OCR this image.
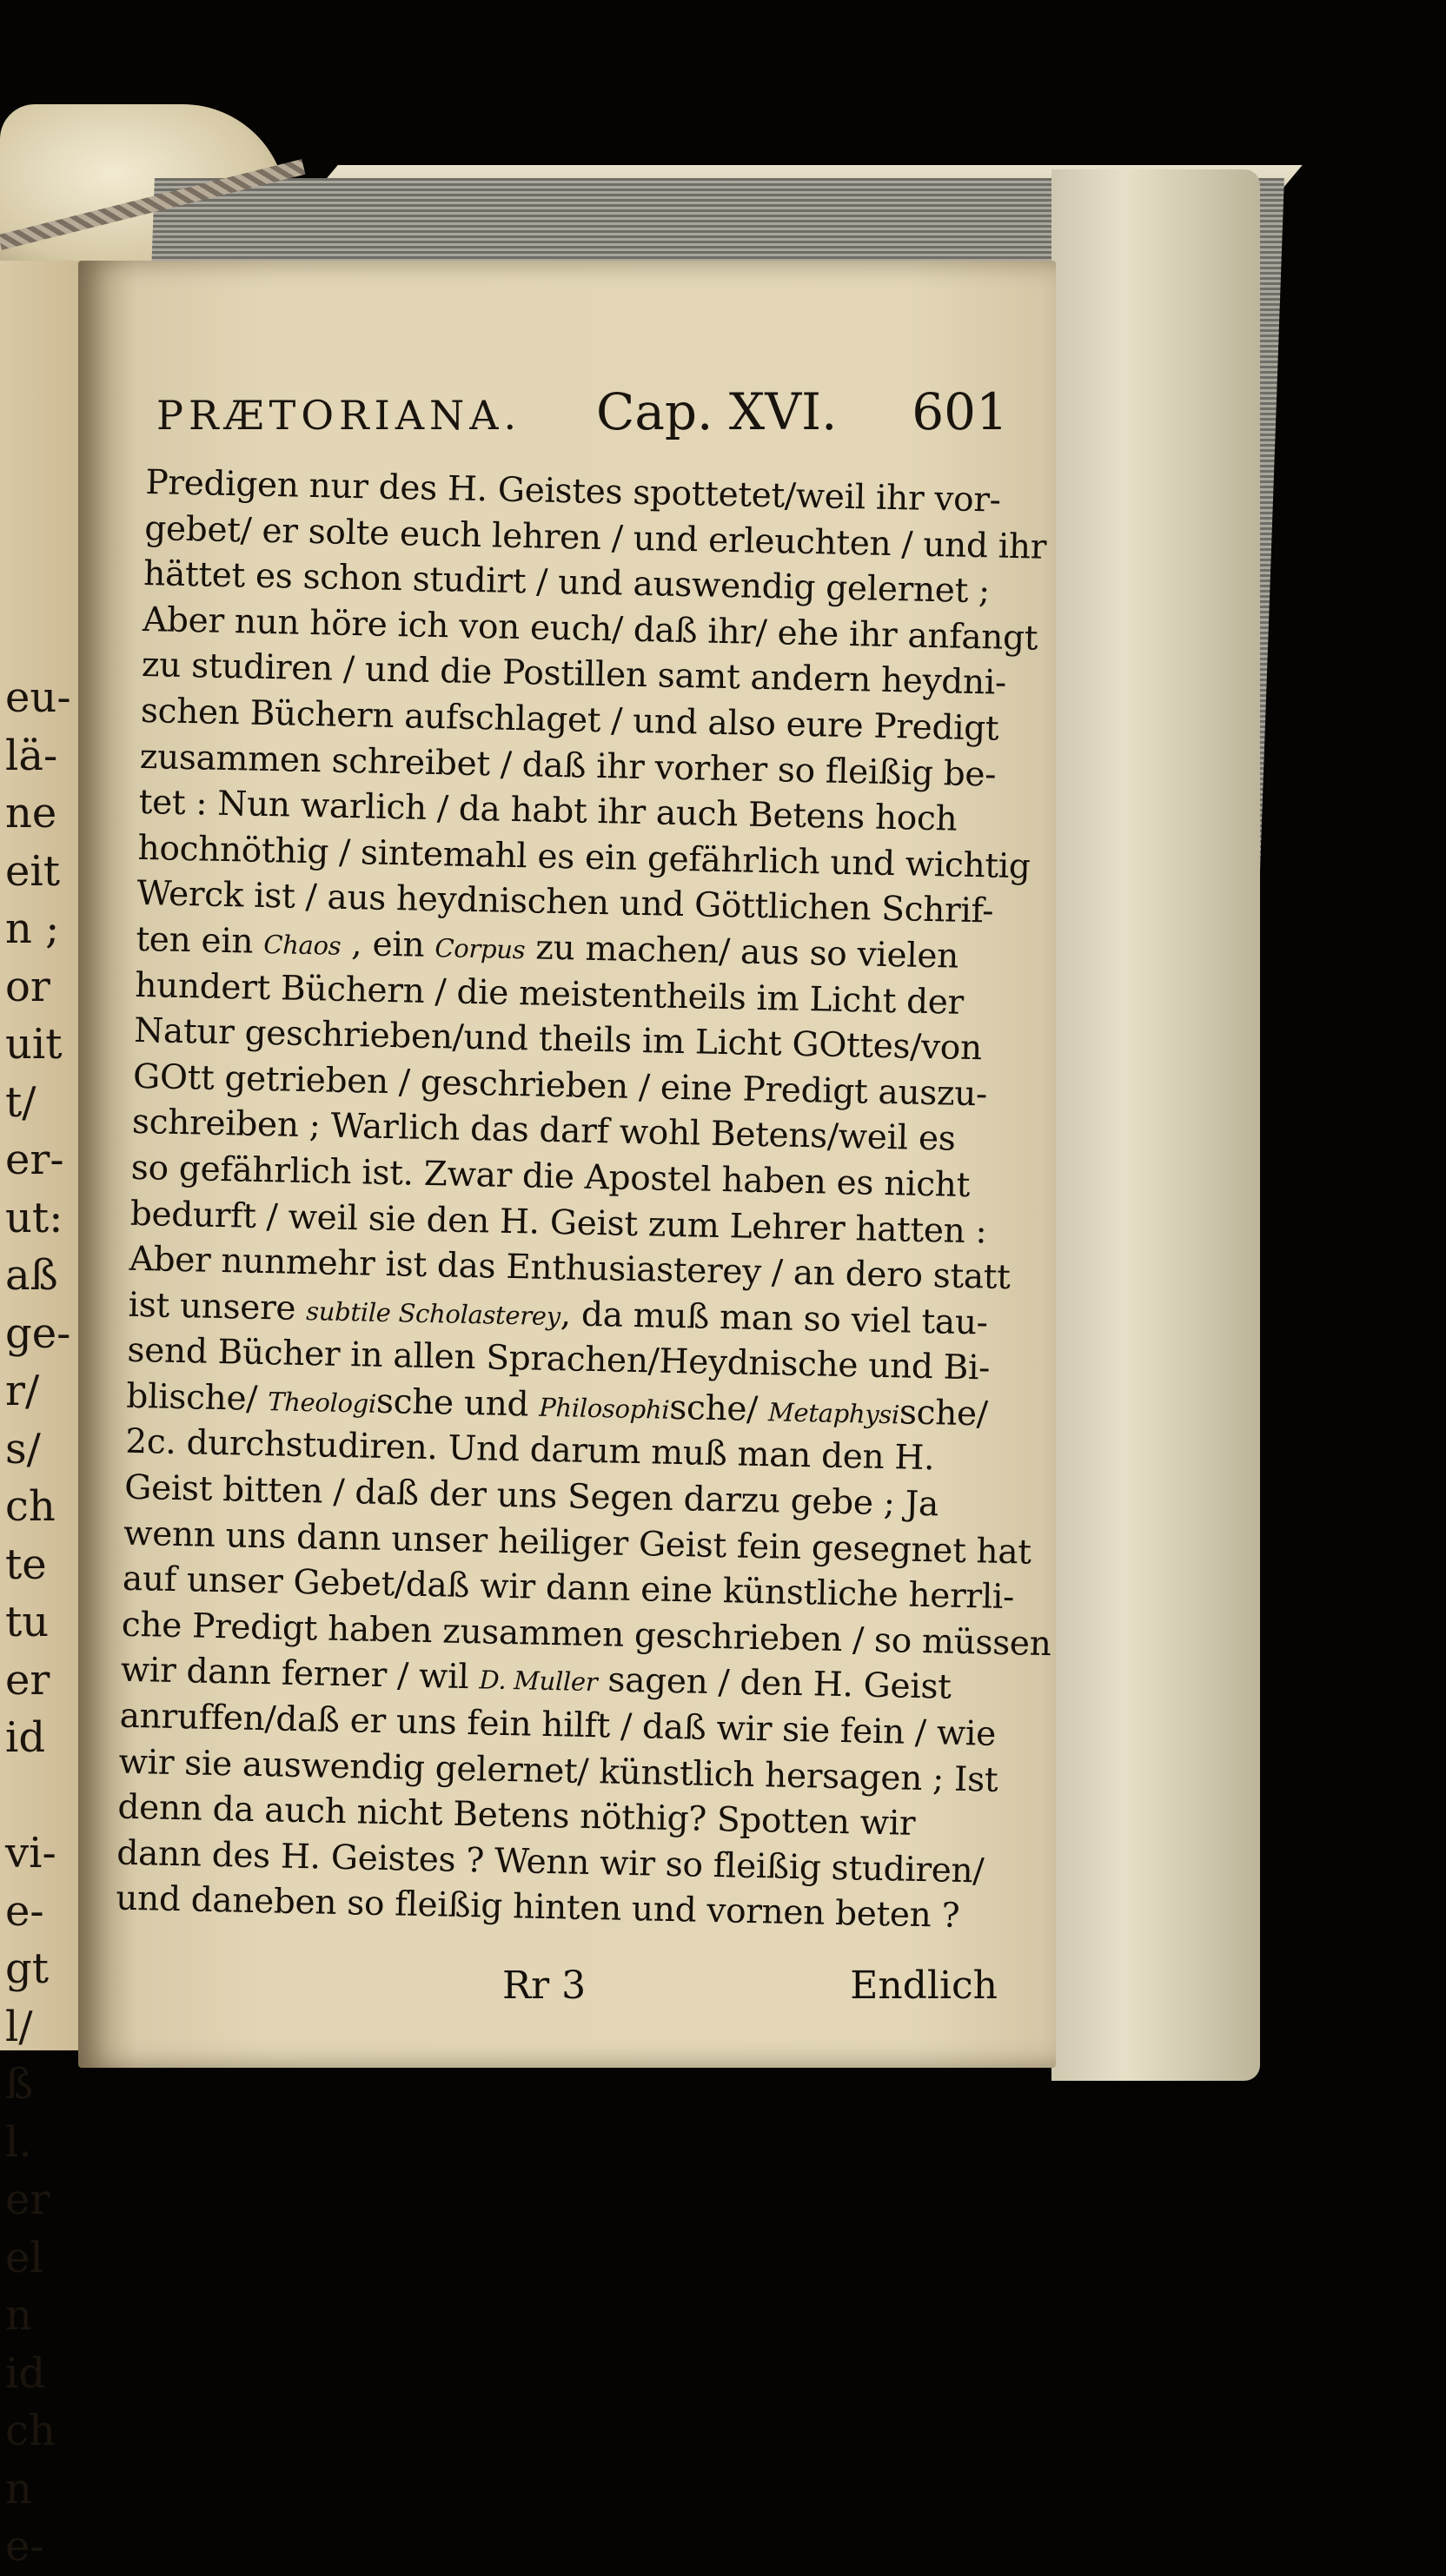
eu-
lä-
ne
eit
n ;
or
uit
t/
er-
ut:
aß
ge-
r/
s/
ch
te
tu
er
id

vi-
e-
gt
l/
ß
l.
er
el
n
id
ch
n
e-
PRÆTORIANA. Cap. XVI. 601
Predigen nur des H. Geistes spottetet/weil ihr vor-
gebet/ er solte euch lehren / und erleuchten / und ihr
hättet es schon studirt / und auswendig gelernet ;
Aber nun höre ich von euch/ daß ihr/ ehe ihr anfangt
zu studiren / und die Postillen samt andern heydni-
schen Büchern aufschlaget / und also eure Predigt
zusammen schreibet / daß ihr vorher so fleißig be-
tet : Nun warlich / da habt ihr auch Betens hoch
hochnöthig / sintemahl es ein gefährlich und wichtig
Werck ist / aus heydnischen und Göttlichen Schrif-
ten ein Chaos , ein Corpus zu machen/ aus so vielen
hundert Büchern / die meistentheils im Licht der
Natur geschrieben/und theils im Licht GOttes/von
GOtt getrieben / geschrieben / eine Predigt auszu-
schreiben ; Warlich das darf wohl Betens/weil es
so gefährlich ist. Zwar die Apostel haben es nicht
bedurft / weil sie den H. Geist zum Lehrer hatten :
Aber nunmehr ist das Enthusiasterey / an dero statt
ist unsere subtile Scholasterey, da muß man so viel tau-
send Bücher in allen Sprachen/Heydnische und Bi-
blische/ Theologische und Philosophische/ Metaphysische/
2c. durchstudiren. Und darum muß man den H.
Geist bitten / daß der uns Segen darzu gebe ; Ja
wenn uns dann unser heiliger Geist fein gesegnet hat
auf unser Gebet/daß wir dann eine künstliche herrli-
che Predigt haben zusammen geschrieben / so müssen
wir dann ferner / wil D. Muller sagen / den H. Geist
anruffen/daß er uns fein hilft / daß wir sie fein / wie
wir sie auswendig gelernet/ künstlich hersagen ; Ist
denn da auch nicht Betens nöthig? Spotten wir
dann des H. Geistes ? Wenn wir so fleißig studiren/
und daneben so fleißig hinten und vornen beten ?
Rr 3	Endlich
